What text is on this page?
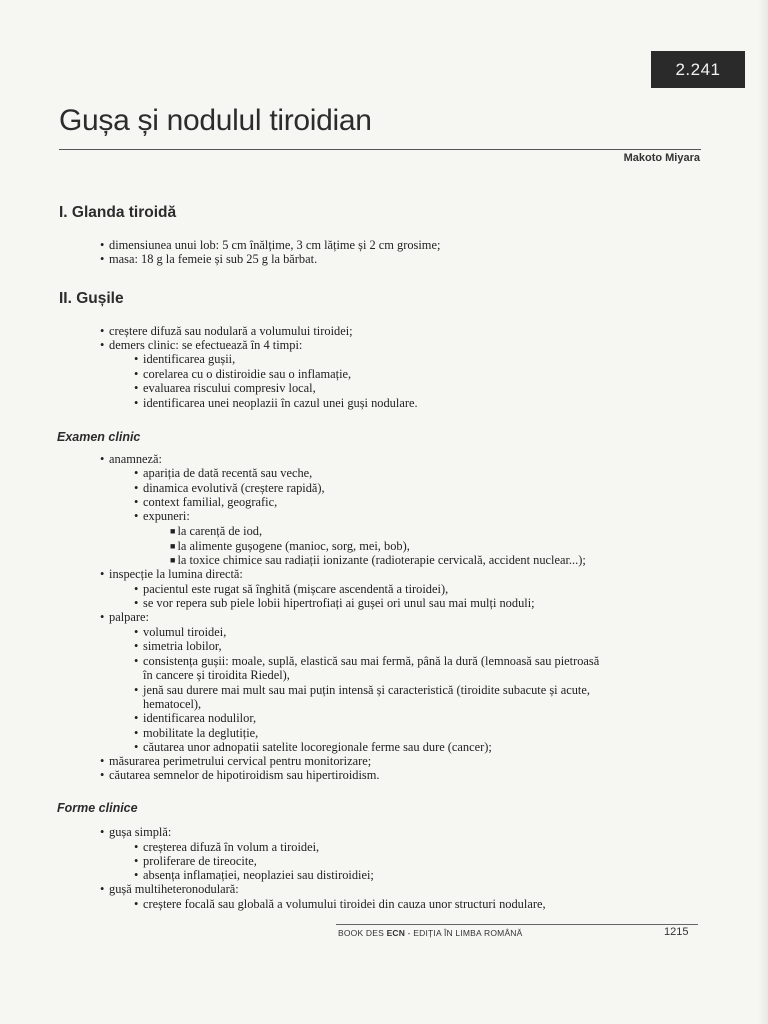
2.241
Gușa și nodulul tiroidian
Makoto Miyara
I. Glanda tiroidă
• dimensiunea unui lob: 5 cm înălțime, 3 cm lățime și 2 cm grosime;
• masa: 18 g la femeie și sub 25 g la bărbat.
II. Gușile
• creștere difuză sau nodulară a volumului tiroidei;
• demers clinic: se efectuează în 4 timpi:
• identificarea gușii,
• corelarea cu o distiroidie sau o inflamație,
• evaluarea riscului compresiv local,
• identificarea unei neoplazii în cazul unei guși nodulare.
Examen clinic
• anamneză:
• apariția de dată recentă sau veche,
• dinamica evolutivă (creștere rapidă),
• context familial, geografic,
• expuneri:
■ la carență de iod,
■ la alimente gușogene (manioc, sorg, mei, bob),
■ la toxice chimice sau radiații ionizante (radioterapie cervicală, accident nuclear...);
• inspecție la lumina directă:
• pacientul este rugat să înghită (mișcare ascendentă a tiroidei),
• se vor repera sub piele lobii hipertrofiați ai gușei ori unul sau mai mulți noduli;
• palpare:
• volumul tiroidei,
• simetria lobilor,
• consistența gușii: moale, suplă, elastică sau mai fermă, până la dură (lemnoasă sau pietroasă
în cancere și tiroidita Riedel),
• jenă sau durere mai mult sau mai puțin intensă și caracteristică (tiroidite subacute și acute,
hematocel),
• identificarea nodulilor,
• mobilitate la deglutiție,
• căutarea unor adnopatii satelite locoregionale ferme sau dure (cancer);
• măsurarea perimetrului cervical pentru monitorizare;
• căutarea semnelor de hipotiroidism sau hipertiroidism.
Forme clinice
• gușa simplă:
• creșterea difuză în volum a tiroidei,
• proliferare de tireocite,
• absența inflamației, neoplaziei sau distiroidiei;
• gușă multiheteronodulară:
• creștere focală sau globală a volumului tiroidei din cauza unor structuri nodulare,
BOOK DES ECN - EDIȚIA ÎN LIMBA ROMÂNĂ	1215
